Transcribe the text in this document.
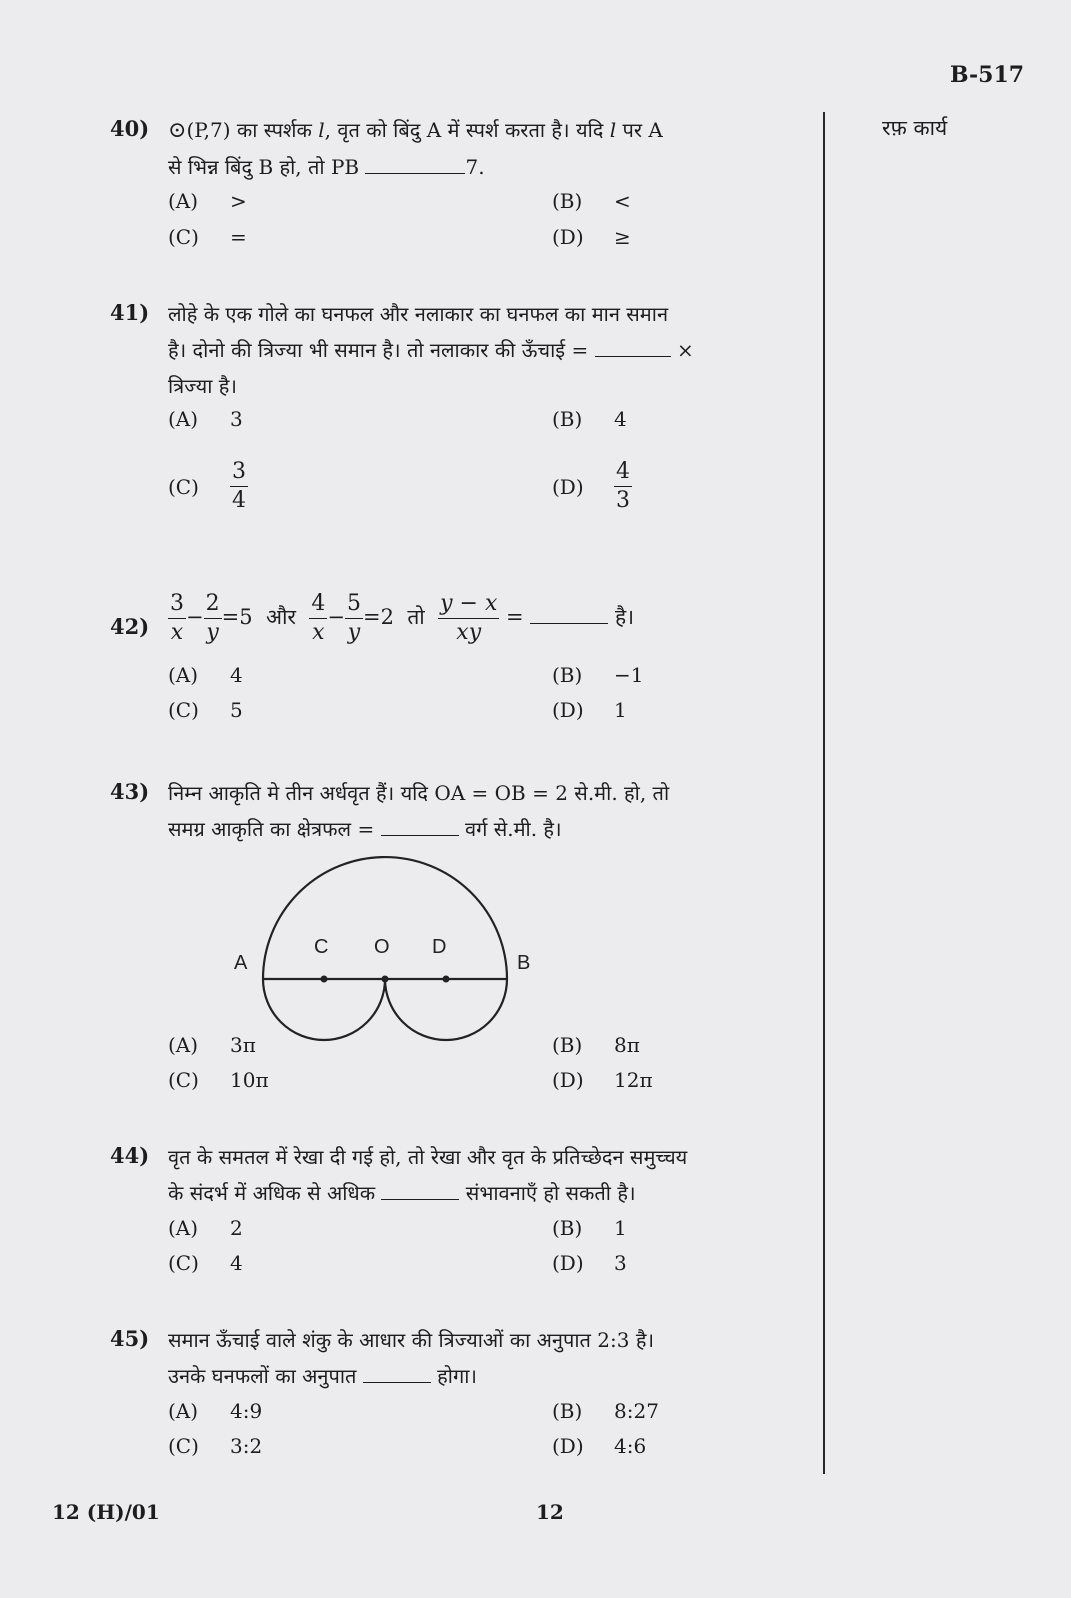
B-517
रफ़ कार्य
40) ⊙(P,7) का स्पर्शक l, वृत को बिंदु A में स्पर्श करता है। यदि l पर A
से भिन्न बिंदु B हो, तो PB	7.
(A) >	(B) <
(C) =	(D) ≥
41) लोहे के एक गोले का घनफल और नलाकार का घनफल का मान समान
है। दोनो की त्रिज्या भी समान है। तो नलाकार की ऊँचाई =	×
त्रिज्या है।
(A) 3	(B) 4
$(C) \frac{3}{4}$	$(D) \frac{4}{3}$
$42) \frac{3}{x} - \frac{2}{y} =5$ और $\frac{4}{x} - \frac{5}{y} =2$ तो $\frac{y - x}{xy}$ =	है।
(A) 4	(B) −1
(C) 5	(D) 1
43) निम्न आकृति मे तीन अर्धवृत हैं। यदि OA = OB = 2 से.मी. हो, तो
समग्र आकृति का क्षेत्रफल =	वर्ग से.मी. है।
A	B
C O D
(A) 3π	(B) 8π
(C) 10π	(D) 12π
44) वृत के समतल में रेखा दी गई हो, तो रेखा और वृत के प्रतिच्छेदन समुच्चय
के संदर्भ में अधिक से अधिक	संभावनाएँ हो सकती है।
(A) 2	(B) 1
(C) 4	(D) 3
45) समान ऊँचाई वाले शंकु के आधार की त्रिज्याओं का अनुपात 2:3 है।
उनके घनफलों का अनुपात	होगा।
(A) 4:9	(B) 8:27
(C) 3:2	(D) 4:6
12 (H)/01	12
